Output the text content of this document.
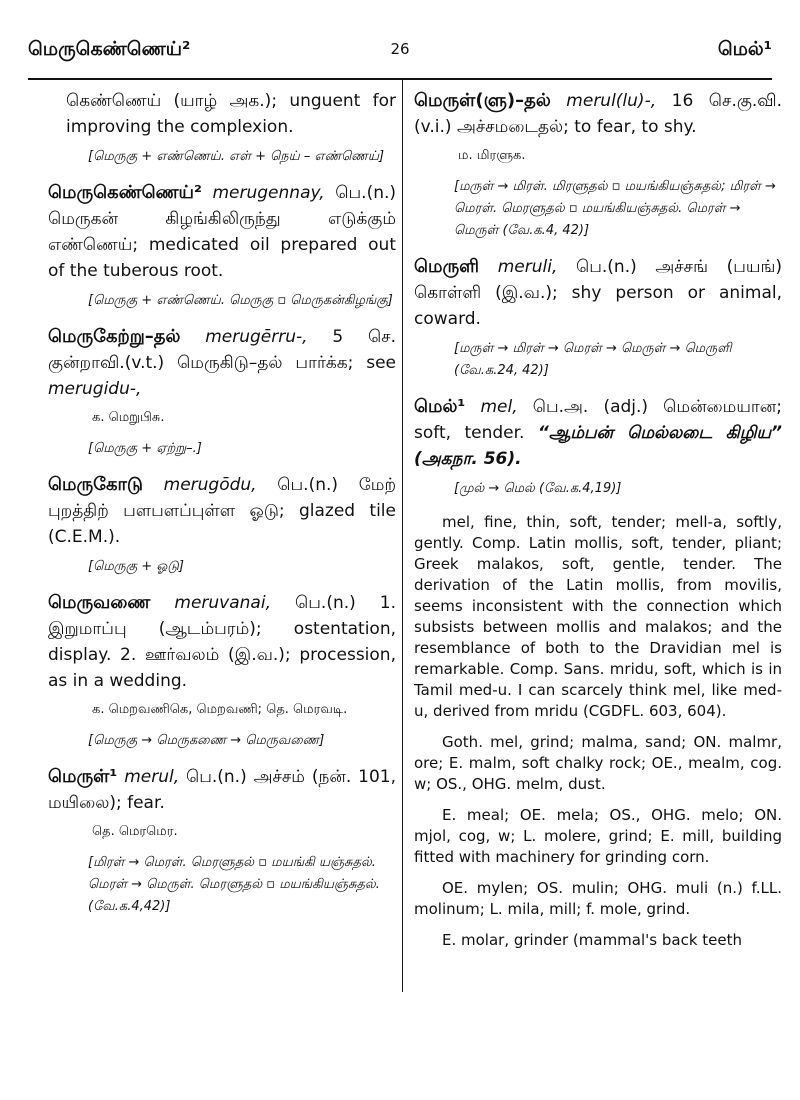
மெருகெண்ணெய்²	26	மெல்¹

கெண்ணெய் (யாழ் அக.); unguent for improving the complexion.

[மெருகு + எண்ணெய். எள் + நெய் – எண்ணெய்]

மெருகெண்ணெய்² merugennay, பெ.(n.) மெருகன் கிழங்கிலிருந்து எடுக்கும் எண்ணெய்; medicated oil prepared out of the tuberous root.

[மெருகு + எண்ணெய். மெருகு ▫ மெருகன்கிழங்கு]

மெருகேற்று–தல் merugērru-, 5 செ. குன்றாவி.(v.t.) மெருகிடு–தல் பார்க்க; see merugidu-,

க. மெறுபிசு.
[மெருகு + ஏற்று–.]

மெருகோடு merugōdu, பெ.(n.) மேற் புறத்திற் பளபளப்புள்ள ஓடு; glazed tile (C.E.M.).

[மெருகு + ஓடு]

மெருவணை meruvanai, பெ.(n.) 1. இறுமாப்பு (ஆடம்பரம்); ostentation, display. 2. ஊர்வலம் (இ.வ.); procession, as in a wedding.

க. மெறவணிகெ, மெறவணி; தெ. மெரவடி.
[மெருகு → மெருகணை → மெருவணை]

மெருள்¹ merul, பெ.(n.) அச்சம் (நன். 101, மயிலை); fear.

தெ. மெரமெர.
[மிரள் → மெரள். மெரளுதல் ▫ மயங்கி யஞ்சுதல். மெரள் → மெருள். மெரளுதல் ▫ மயங்கியஞ்சுதல். (வே.க.4,42)]

மெருள்(ளு)–தல் merul(lu)-, 16 செ.கு.வி. (v.i.) அச்சமடைதல்; to fear, to shy.

ம. மிரளுக.
[மருள் → மிரள். மிரளுதல் ▫ மயங்கியஞ்சுதல்; மிரள் → மெரள். மெரளுதல் ▫ மயங்கியஞ்சுதல். மெரள் → மெருள் (வே.க.4, 42)]

மெருளி meruli, பெ.(n.) அச்சங் (பயங்) கொள்ளி (இ.வ.); shy person or animal, coward.

[மருள் → மிரள் → மெரள் → மெருள் → மெருளி (வே.க.24, 42)]

மெல்¹ mel, பெ.அ. (adj.) மென்மையான; soft, tender. “ஆம்பன் மெல்லடை கிழிய” (அகநா. 56).

[முல் → மெல் (வே.க.4,19)]

mel, fine, thin, soft, tender; mell-a, softly, gently. Comp. Latin mollis, soft, tender, pliant; Greek malakos, soft, gentle, tender. The derivation of the Latin mollis, from movilis, seems inconsistent with the connection which subsists between mollis and malakos; and the resemblance of both to the Dravidian mel is remarkable. Comp. Sans. mridu, soft, which is in Tamil med-u. I can scarcely think mel, like med-u, derived from mridu (CGDFL. 603, 604).

Goth. mel, grind; malma, sand; ON. malmr, ore; E. malm, soft chalky rock; OE., mealm, cog. w; OS., OHG. melm, dust.

E. meal; OE. mela; OS., OHG. melo; ON. mjol, cog, w; L. molere, grind; E. mill, building fitted with machinery for grinding corn.

OE. mylen; OS. mulin; OHG. muli (n.) f.LL. molinum; L. mila, mill; f. mole, grind.

E. molar, grinder (mammal's back teeth
